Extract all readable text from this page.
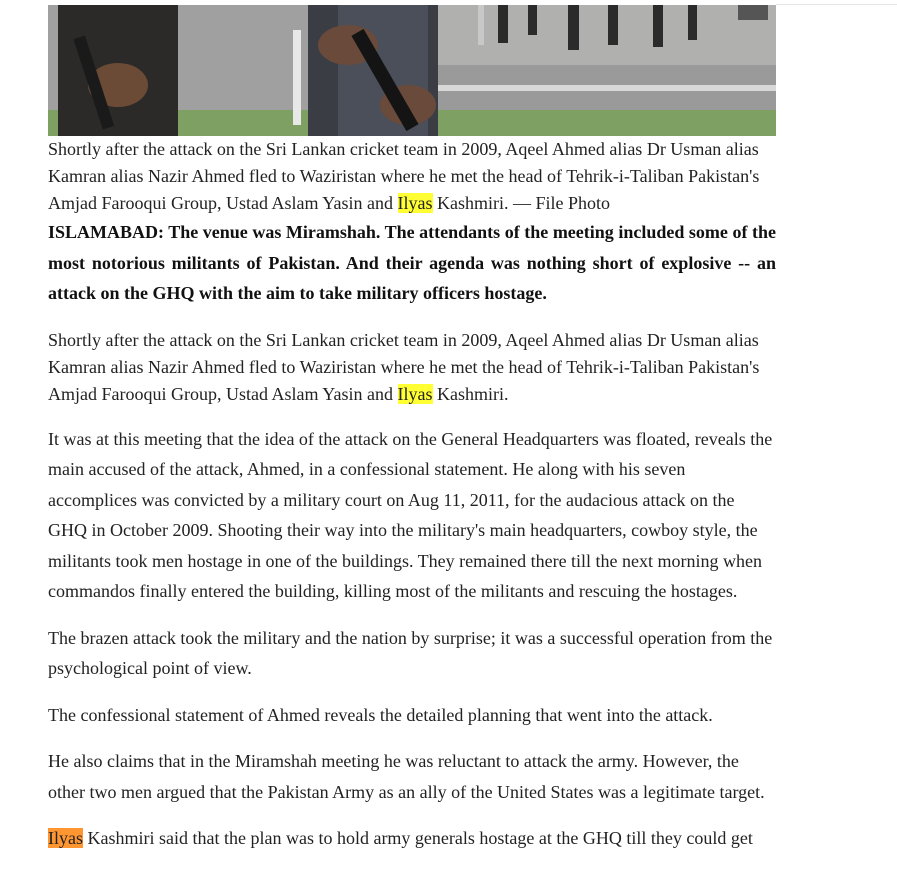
Shortly after the attack on the Sri Lankan cricket team in 2009, Aqeel Ahmed alias Dr Usman alias Kamran alias Nazir Ahmed fled to Waziristan where he met the head of Tehrik-i-Taliban Pakistan's Amjad Farooqui Group, Ustad Aslam Yasin and Ilyas Kashmiri. — File Photo

ISLAMABAD: The venue was Miramshah. The attendants of the meeting included some of the most notorious militants of Pakistan. And their agenda was nothing short of explosive -- an attack on the GHQ with the aim to take military officers hostage.

Shortly after the attack on the Sri Lankan cricket team in 2009, Aqeel Ahmed alias Dr Usman alias Kamran alias Nazir Ahmed fled to Waziristan where he met the head of Tehrik-i-Taliban Pakistan's Amjad Farooqui Group, Ustad Aslam Yasin and Ilyas Kashmiri.

It was at this meeting that the idea of the attack on the General Headquarters was floated, reveals the main accused of the attack, Ahmed, in a confessional statement. He along with his seven accomplices was convicted by a military court on Aug 11, 2011, for the audacious attack on the GHQ in October 2009. Shooting their way into the military's main headquarters, cowboy style, the militants took men hostage in one of the buildings. They remained there till the next morning when commandos finally entered the building, killing most of the militants and rescuing the hostages.

The brazen attack took the military and the nation by surprise; it was a successful operation from the psychological point of view.

The confessional statement of Ahmed reveals the detailed planning that went into the attack.

He also claims that in the Miramshah meeting he was reluctant to attack the army. However, the other two men argued that the Pakistan Army as an ally of the United States was a legitimate target.

Ilyas Kashmiri said that the plan was to hold army generals hostage at the GHQ till they could get
